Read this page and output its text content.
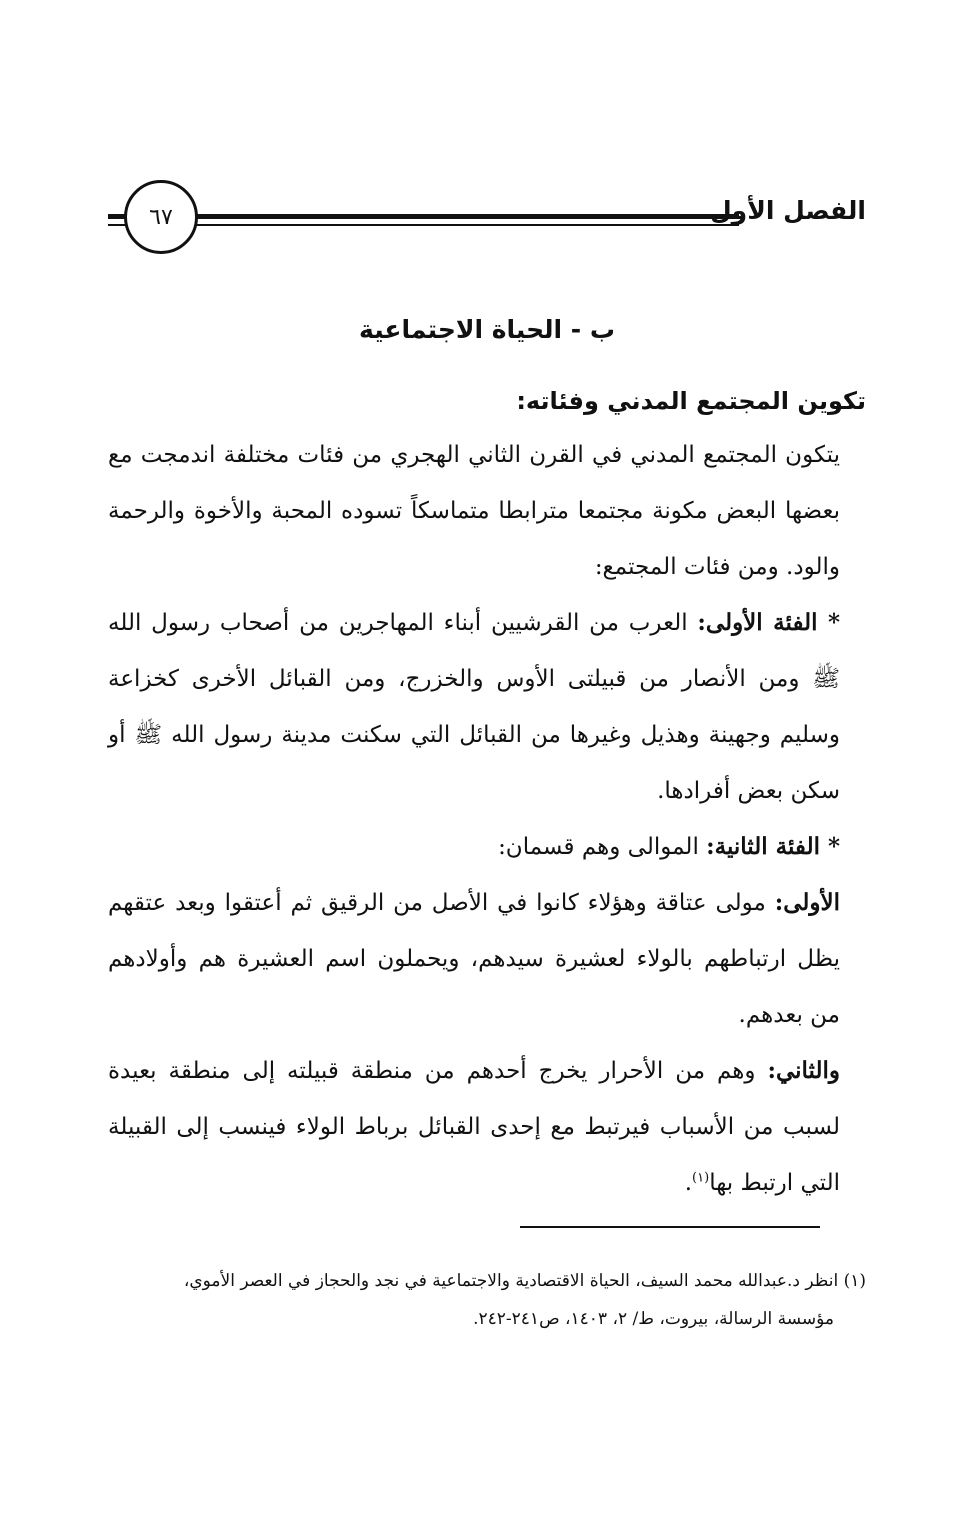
الفصل الأول
٦٧
ب - الحياة الاجتماعية
تكوين المجتمع المدني وفئاته:

يتكون المجتمع المدني في القرن الثاني الهجري من فئات مختلفة اندمجت مع بعضها البعض مكونة مجتمعا مترابطا متماسكاً تسوده المحبة والأخوة والرحمة والود. ومن فئات المجتمع:

* الفئة الأولى: العرب من القرشيين أبناء المهاجرين من أصحاب رسول الله ﷺ ومن الأنصار من قبيلتى الأوس والخزرج، ومن القبائل الأخرى كخزاعة وسليم وجهينة وهذيل وغيرها من القبائل التي سكنت مدينة رسول الله ﷺ أو سكن بعض أفرادها.

* الفئة الثانية: الموالى وهم قسمان:

الأولى: مولى عتاقة وهؤلاء كانوا في الأصل من الرقيق ثم أعتقوا وبعد عتقهم يظل ارتباطهم بالولاء لعشيرة سيدهم، ويحملون اسم العشيرة هم وأولادهم من بعدهم.

والثاني: وهم من الأحرار يخرج أحدهم من منطقة قبيلته إلى منطقة بعيدة لسبب من الأسباب فيرتبط مع إحدى القبائل برباط الولاء فينسب إلى القبيلة التي ارتبط بها$^{(١)}$.

(١) انظر د.عبدالله محمد السيف، الحياة الاقتصادية والاجتماعية في نجد والحجاز في العصر الأموي،

مؤسسة الرسالة، بيروت، ط/ ٢، ١٤٠٣، ص٢٤١-٢٤٢.
